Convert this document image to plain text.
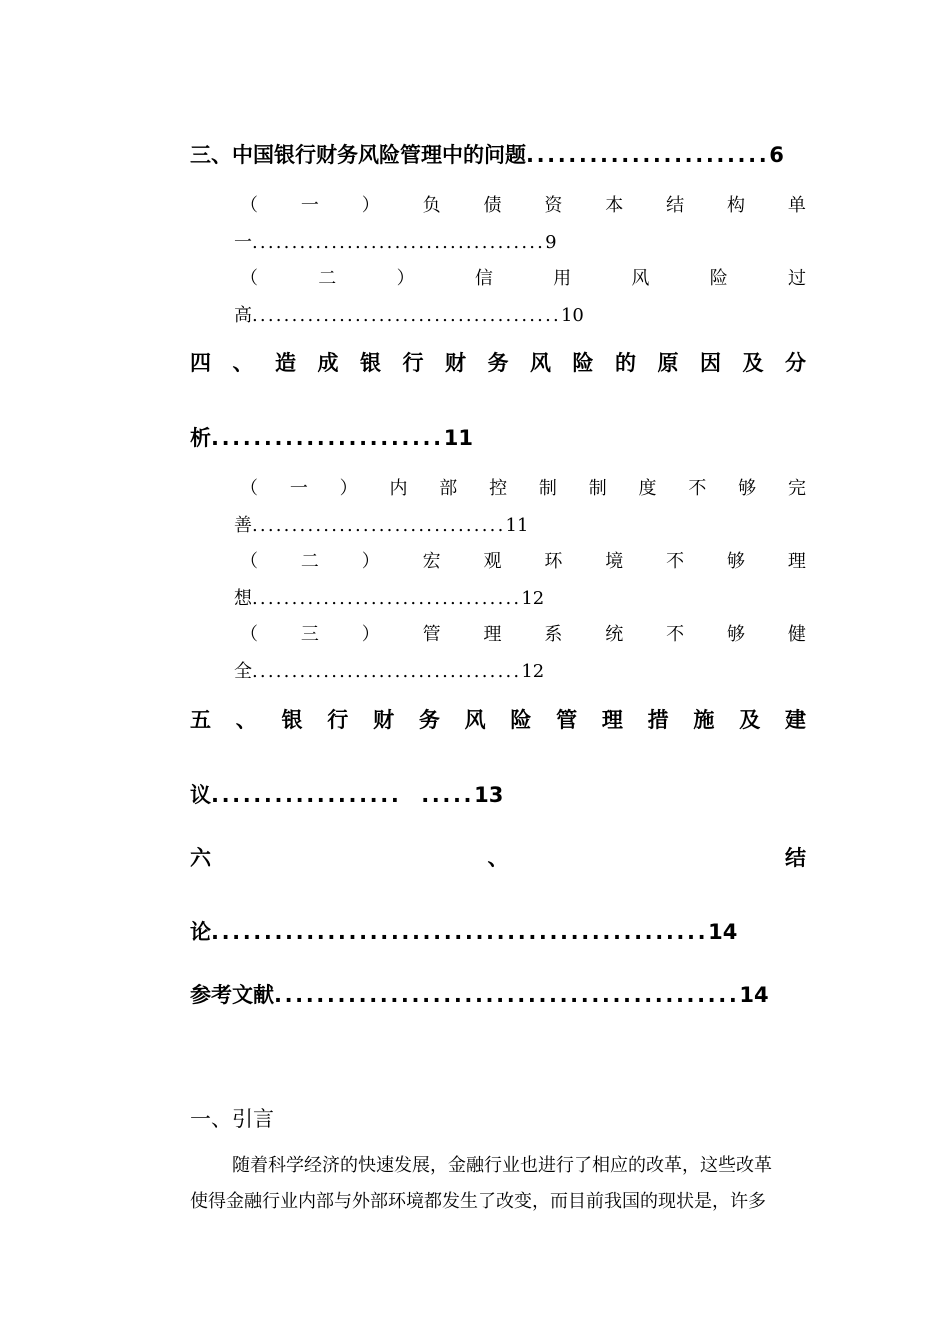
三、中国银行财务风险管理中的问题.......................6
（ 一 ） 负 债 资 本 结 构 单
一.....................................9
（	二	）	信	用	风	险	过
高.......................................10
四 、 造 成 银 行 财 务 风 险 的 原 因 及 分
析......................11
（ 一 ） 内 部 控 制 制 度 不 够 完
善................................11
（ 二 ） 宏 观 环 境 不 够 理
想..................................12
（ 三 ） 管 理 系 统 不 够 健
全..................................12
五 、 银 行 财 务 风 险 管 理 措 施 及 建
议..................  .....13
六	、	结
论...............................................14
参考文献............................................14
一、引言
随着科学经济的快速发展，金融行业也进行了相应的改革，这些改革
使得金融行业内部与外部环境都发生了改变，而目前我国的现状是，许多
